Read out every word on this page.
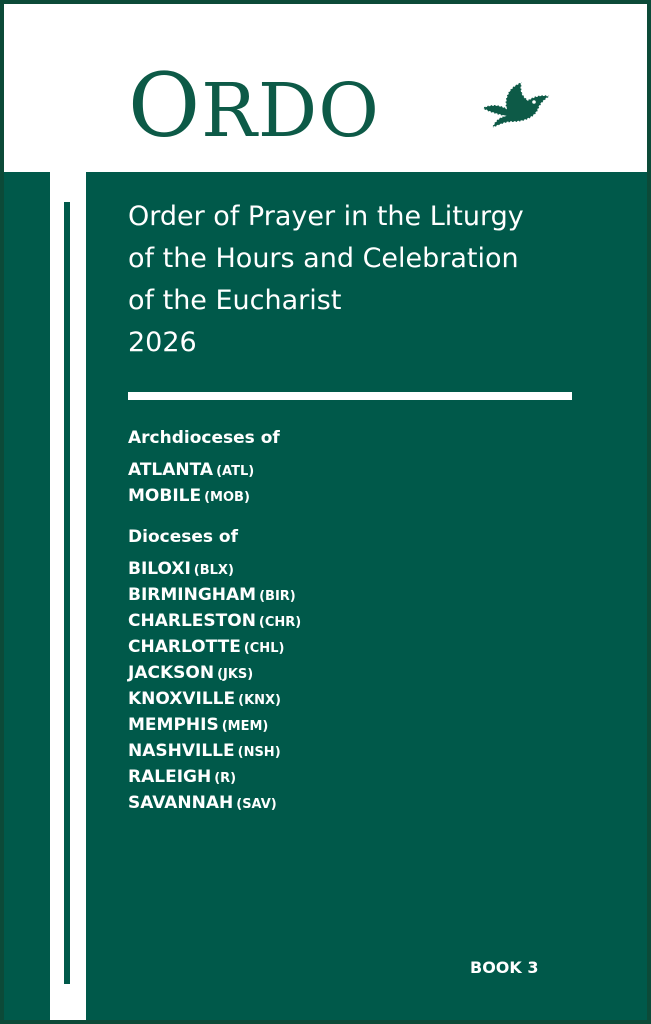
ORDO
Order of Prayer in the Liturgy
of the Hours and Celebration
of the Eucharist
2026
Archdioceses of
ATLANTA (ATL)
MOBILE (MOB)
Dioceses of
BILOXI (BLX)
BIRMINGHAM (BIR)
CHARLESTON (CHR)
CHARLOTTE (CHL)
JACKSON (JKS)
KNOXVILLE (KNX)
MEMPHIS (MEM)
NASHVILLE (NSH)
RALEIGH (R)
SAVANNAH (SAV)
BOOK 3
